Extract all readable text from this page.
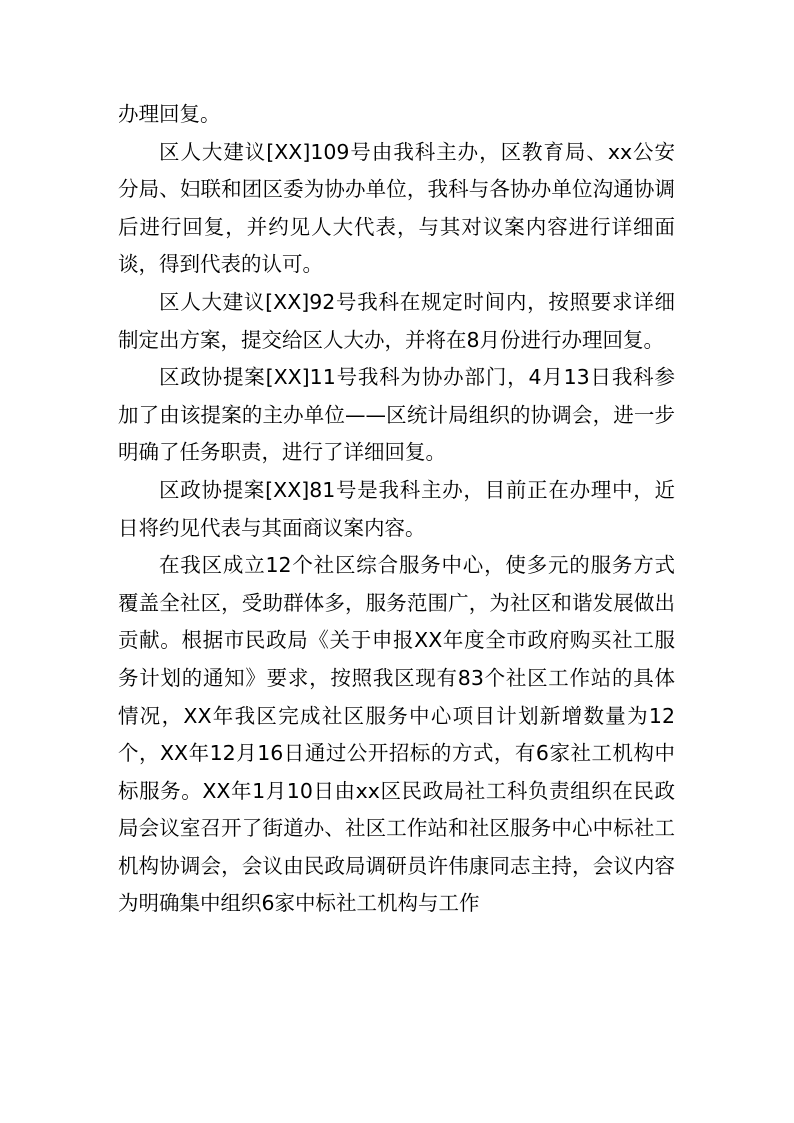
办理回复。

区人大建议[XX]109号由我科主办，区教育局、xx公安分局、妇联和团区委为协办单位，我科与各协办单位沟通协调后进行回复，并约见人大代表，与其对议案内容进行详细面谈，得到代表的认可。

区人大建议[XX]92号我科在规定时间内，按照要求详细制定出方案，提交给区人大办，并将在8月份进行办理回复。

区政协提案[XX]11号我科为协办部门，4月13日我科参加了由该提案的主办单位——区统计局组织的协调会，进一步明确了任务职责，进行了详细回复。

区政协提案[XX]81号是我科主办，目前正在办理中，近日将约见代表与其面商议案内容。

在我区成立12个社区综合服务中心，使多元的服务方式覆盖全社区，受助群体多，服务范围广，为社区和谐发展做出贡献。根据市民政局《关于申报XX年度全市政府购买社工服务计划的通知》要求，按照我区现有83个社区工作站的具体情况，XX年我区完成社区服务中心项目计划新增数量为12个，XX年12月16日通过公开招标的方式，有6家社工机构中标服务。XX年1月10日由xx区民政局社工科负责组织在民政局会议室召开了街道办、社区工作站和社区服务中心中标社工机构协调会，会议由民政局调研员许伟康同志主持，会议内容为明确集中组织6家中标社工机构与工作
